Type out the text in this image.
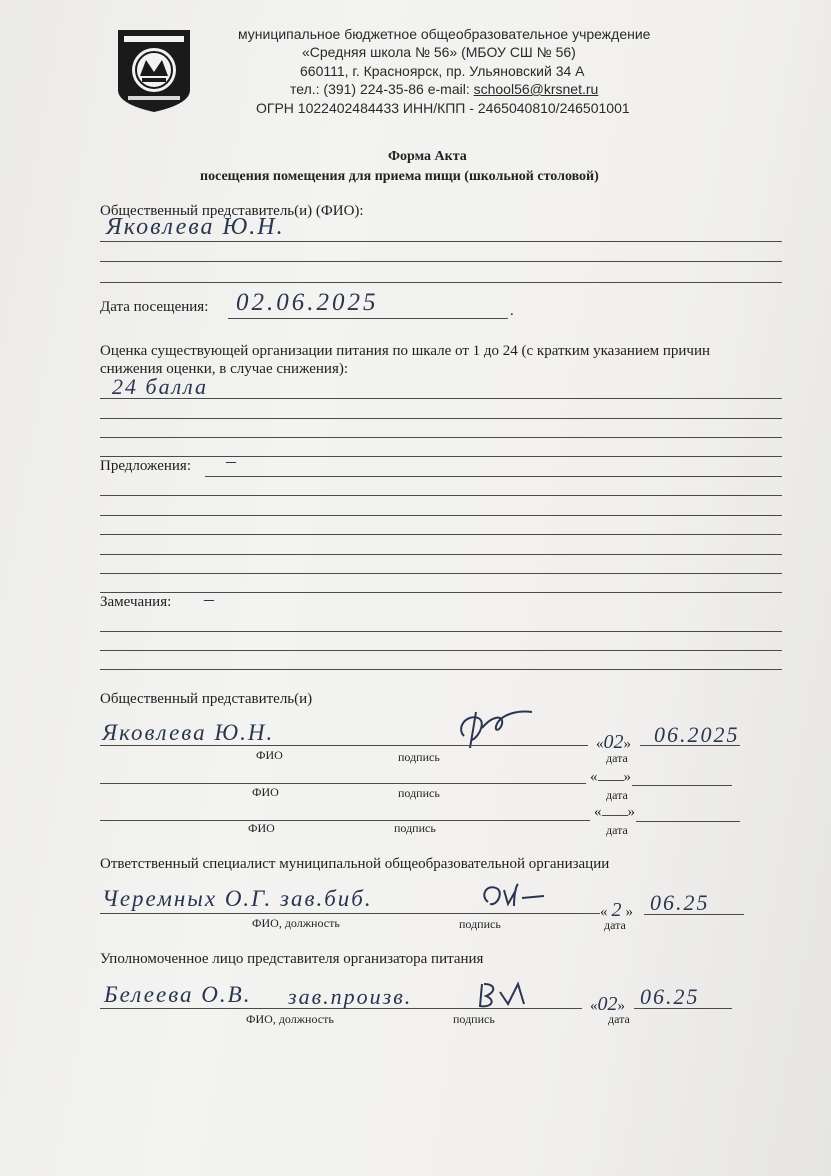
муниципальное бюджетное общеобразовательное учреждение
«Средняя школа № 56» (МБОУ СШ № 56)
660111, г. Красноярск, пр. Ульяновский 34 А
тел.: (391) 224-35-86 e-mail: school56@krsnet.ru
ОГРН 1022402484433 ИНН/КПП - 2465040810/246501001
Форма Акта
посещения помещения для приема пищи (школьной столовой)
Общественный представитель(и) (ФИО):
Яковлева Ю.Н.
Дата посещения: 02.06.2025	.
Оценка существующей организации питания по шкале от 1 до 24 (с кратким указанием причин
снижения оценки, в случае снижения):
24 балла
Предложения: –
Замечания: –
Общественный представитель(и)
Яковлева Ю.Н.	«02» 06.2025
ФИО	подпись	дата
« »
ФИО	подпись	дата
« »
ФИО	подпись	дата
Ответственный специалист муниципальной общеобразовательной организации
Черемных О.Г. зав.биб.
« 2 » 06.25
ФИО, должность	подпись	дата
Уполномоченное лицо представителя организатора питания
Белеева О.В. зав.произв.	«02» 06.25
ФИО, должность	подпись	дата
